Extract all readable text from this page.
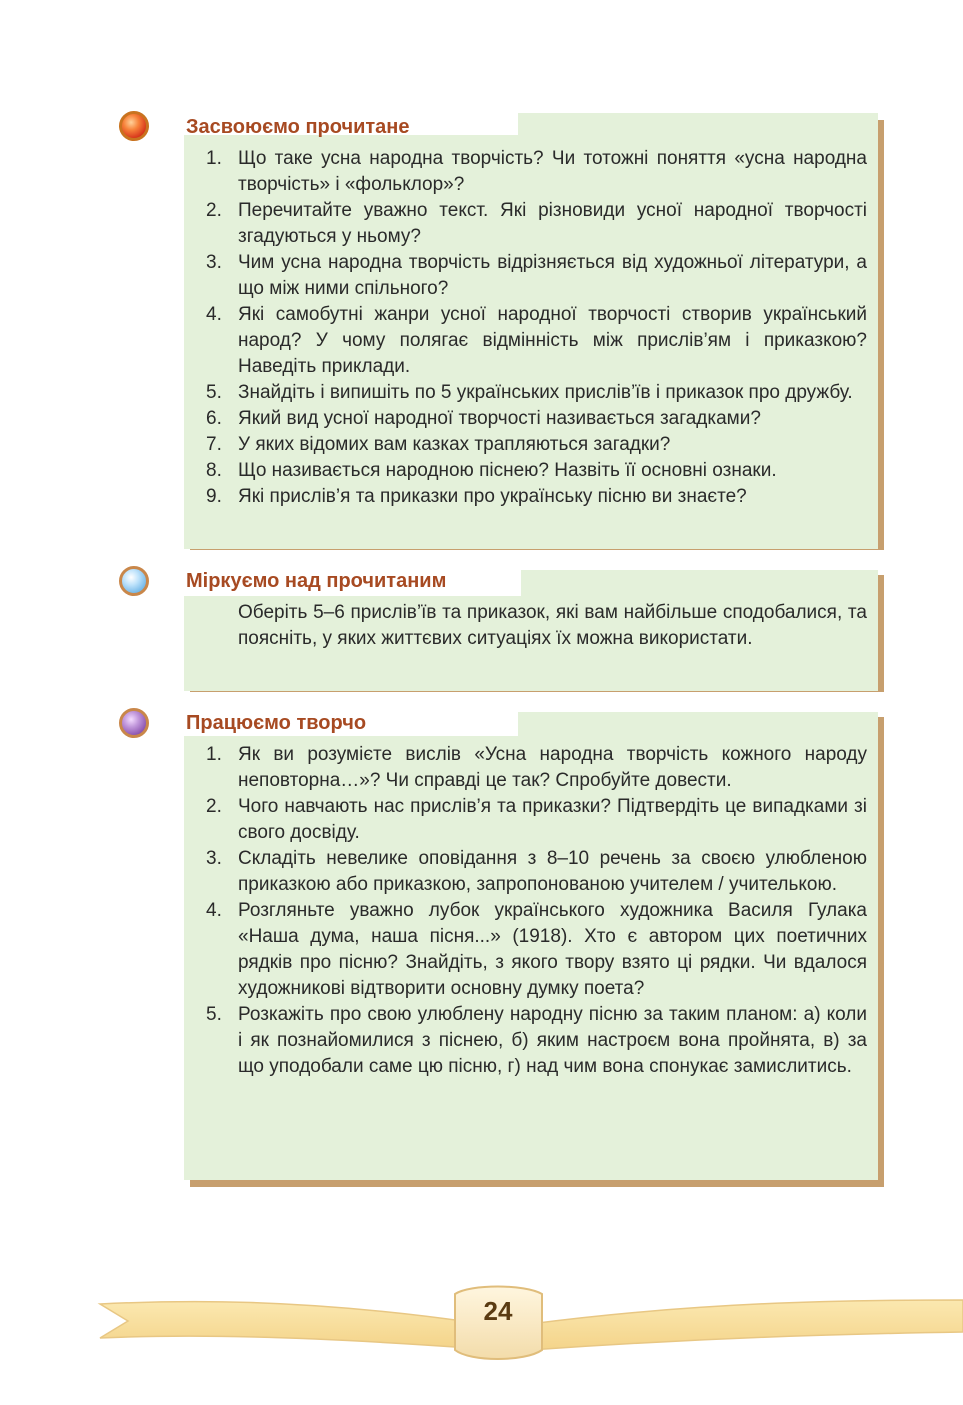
Засвоюємо прочитане
1. Що таке усна народна творчість? Чи тотожні поняття «усна народна творчість» і «фольклор»?
2. Перечитайте уважно текст. Які різновиди усної народної творчості згадуються у ньому?
3. Чим усна народна творчість відрізняється від художньої літератури, а що між ними спільного?
4. Які самобутні жанри усної народної творчості створив український народ? У чому полягає відмінність між прислів’ям і приказкою? Наведіть приклади.
5. Знайдіть і випишіть по 5 українських прислів’їв і приказок про дружбу.
6. Який вид усної народної творчості називається загадками?
7. У яких відомих вам казках трапляються загадки?
8. Що називається народною піснею? Назвіть її основні ознаки.
9. Які прислів’я та приказки про українську пісню ви знаєте?
Міркуємо над прочитаним

Оберіть 5–6 прислів’їв та приказок, які вам найбільше сподобалися, та поясніть, у яких життєвих ситуаціях їх можна використати.

Працюємо творчо
1. Як ви розумієте вислів «Усна народна творчість кожного народу неповторна…»? Чи справді це так? Спробуйте довести.
2. Чого навчають нас прислів’я та приказки? Підтвердіть це випадками зі свого досвіду.
3. Складіть невелике оповідання з 8–10 речень за своєю улюбленою приказкою або приказкою, запропонованою учителем / учителькою.
4. Розгляньте уважно лубок українського художника Василя Гулака «Наша дума, наша пісня...» (1918). Хто є автором цих поетичних рядків про пісню? Знайдіть, з якого твору взято ці рядки. Чи вдалося художникові відтворити основну думку поета?
5. Розкажіть про свою улюблену народну пісню за таким планом: а) коли і як познайомилися з піснею, б) яким настроєм вона пройнята, в) за що уподобали саме цю пісню, г) над чим вона спонукає замислитись.
24
